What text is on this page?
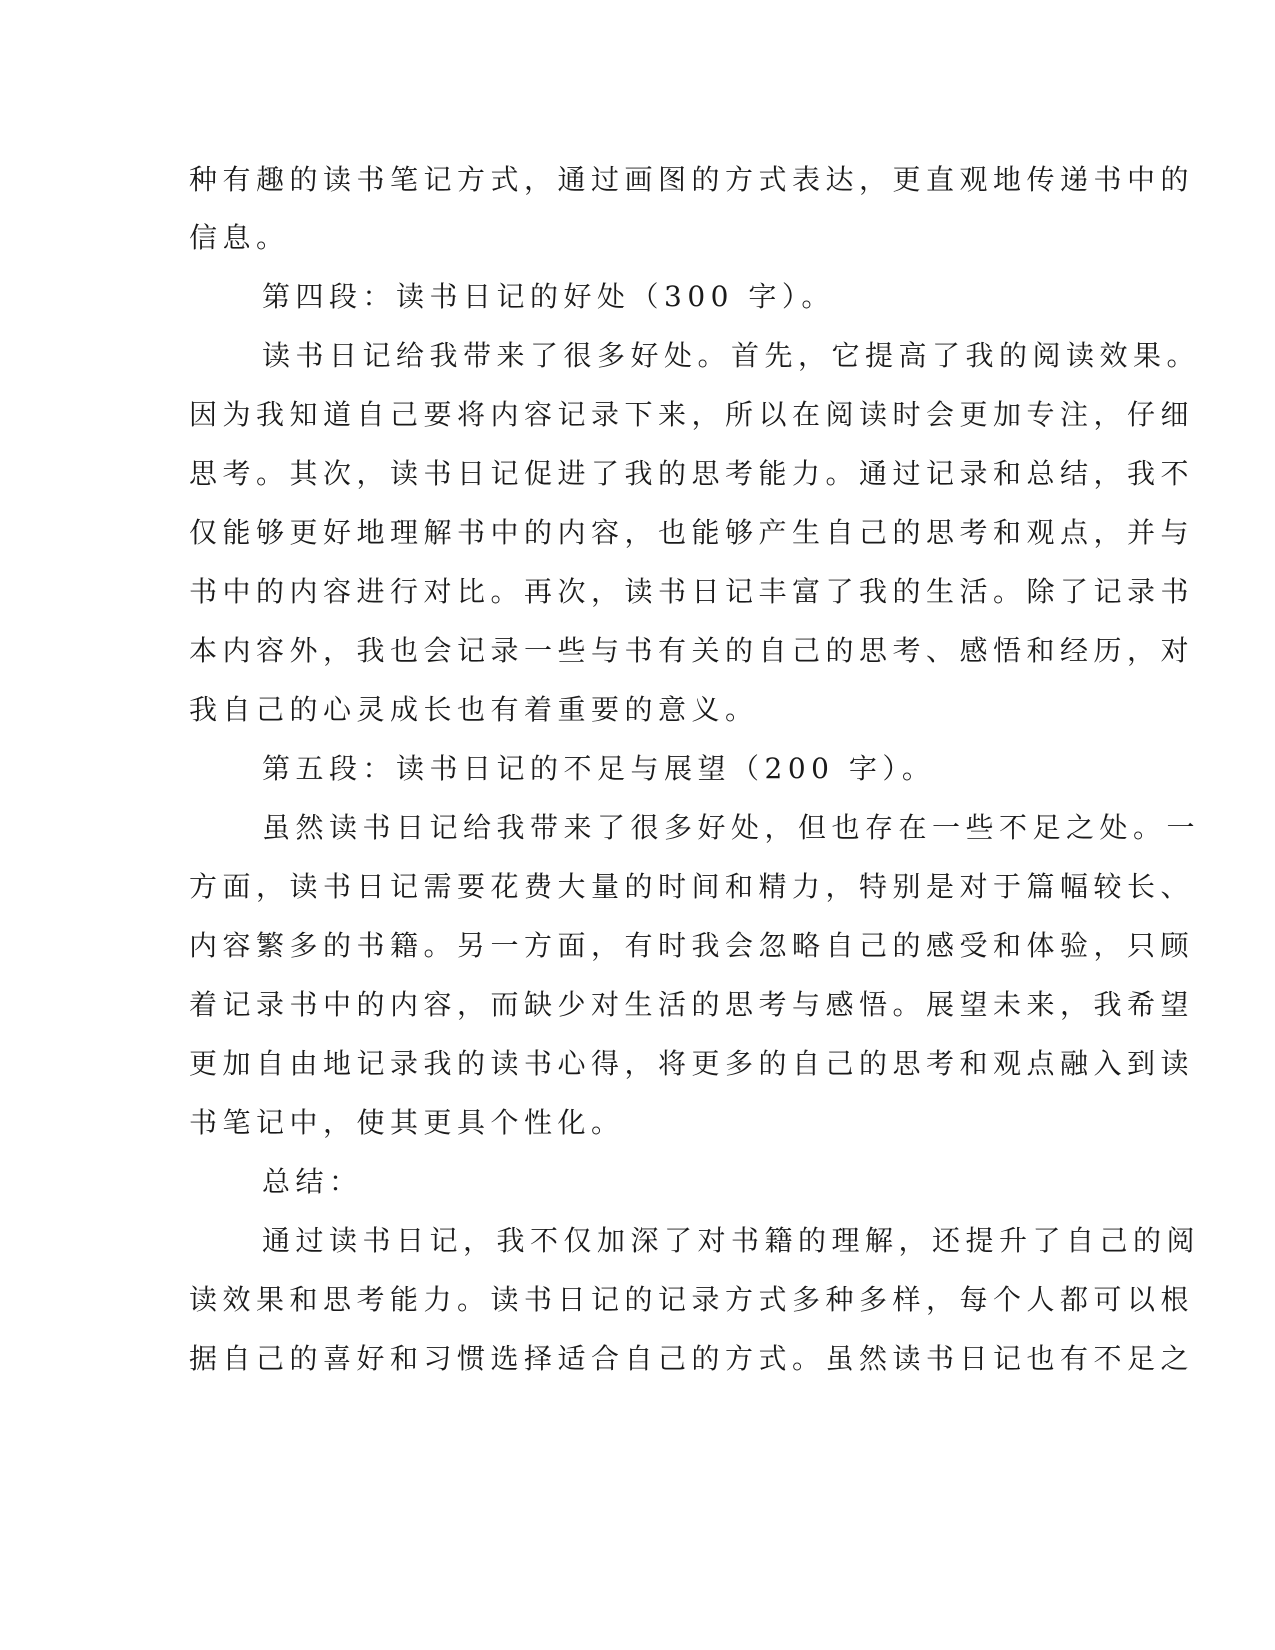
种有趣的读书笔记方式，通过画图的方式表达，更直观地传递书中的
信息。
第四段：读书日记的好处（300 字）。
读书日记给我带来了很多好处。首先，它提高了我的阅读效果。
因为我知道自己要将内容记录下来，所以在阅读时会更加专注，仔细
思考。其次，读书日记促进了我的思考能力。通过记录和总结，我不
仅能够更好地理解书中的内容，也能够产生自己的思考和观点，并与
书中的内容进行对比。再次，读书日记丰富了我的生活。除了记录书
本内容外，我也会记录一些与书有关的自己的思考、感悟和经历，对
我自己的心灵成长也有着重要的意义。
第五段：读书日记的不足与展望（200 字）。
虽然读书日记给我带来了很多好处，但也存在一些不足之处。一
方面，读书日记需要花费大量的时间和精力，特别是对于篇幅较长、
内容繁多的书籍。另一方面，有时我会忽略自己的感受和体验，只顾
着记录书中的内容，而缺少对生活的思考与感悟。展望未来，我希望
更加自由地记录我的读书心得，将更多的自己的思考和观点融入到读
书笔记中，使其更具个性化。
总结：
通过读书日记，我不仅加深了对书籍的理解，还提升了自己的阅
读效果和思考能力。读书日记的记录方式多种多样，每个人都可以根
据自己的喜好和习惯选择适合自己的方式。虽然读书日记也有不足之
